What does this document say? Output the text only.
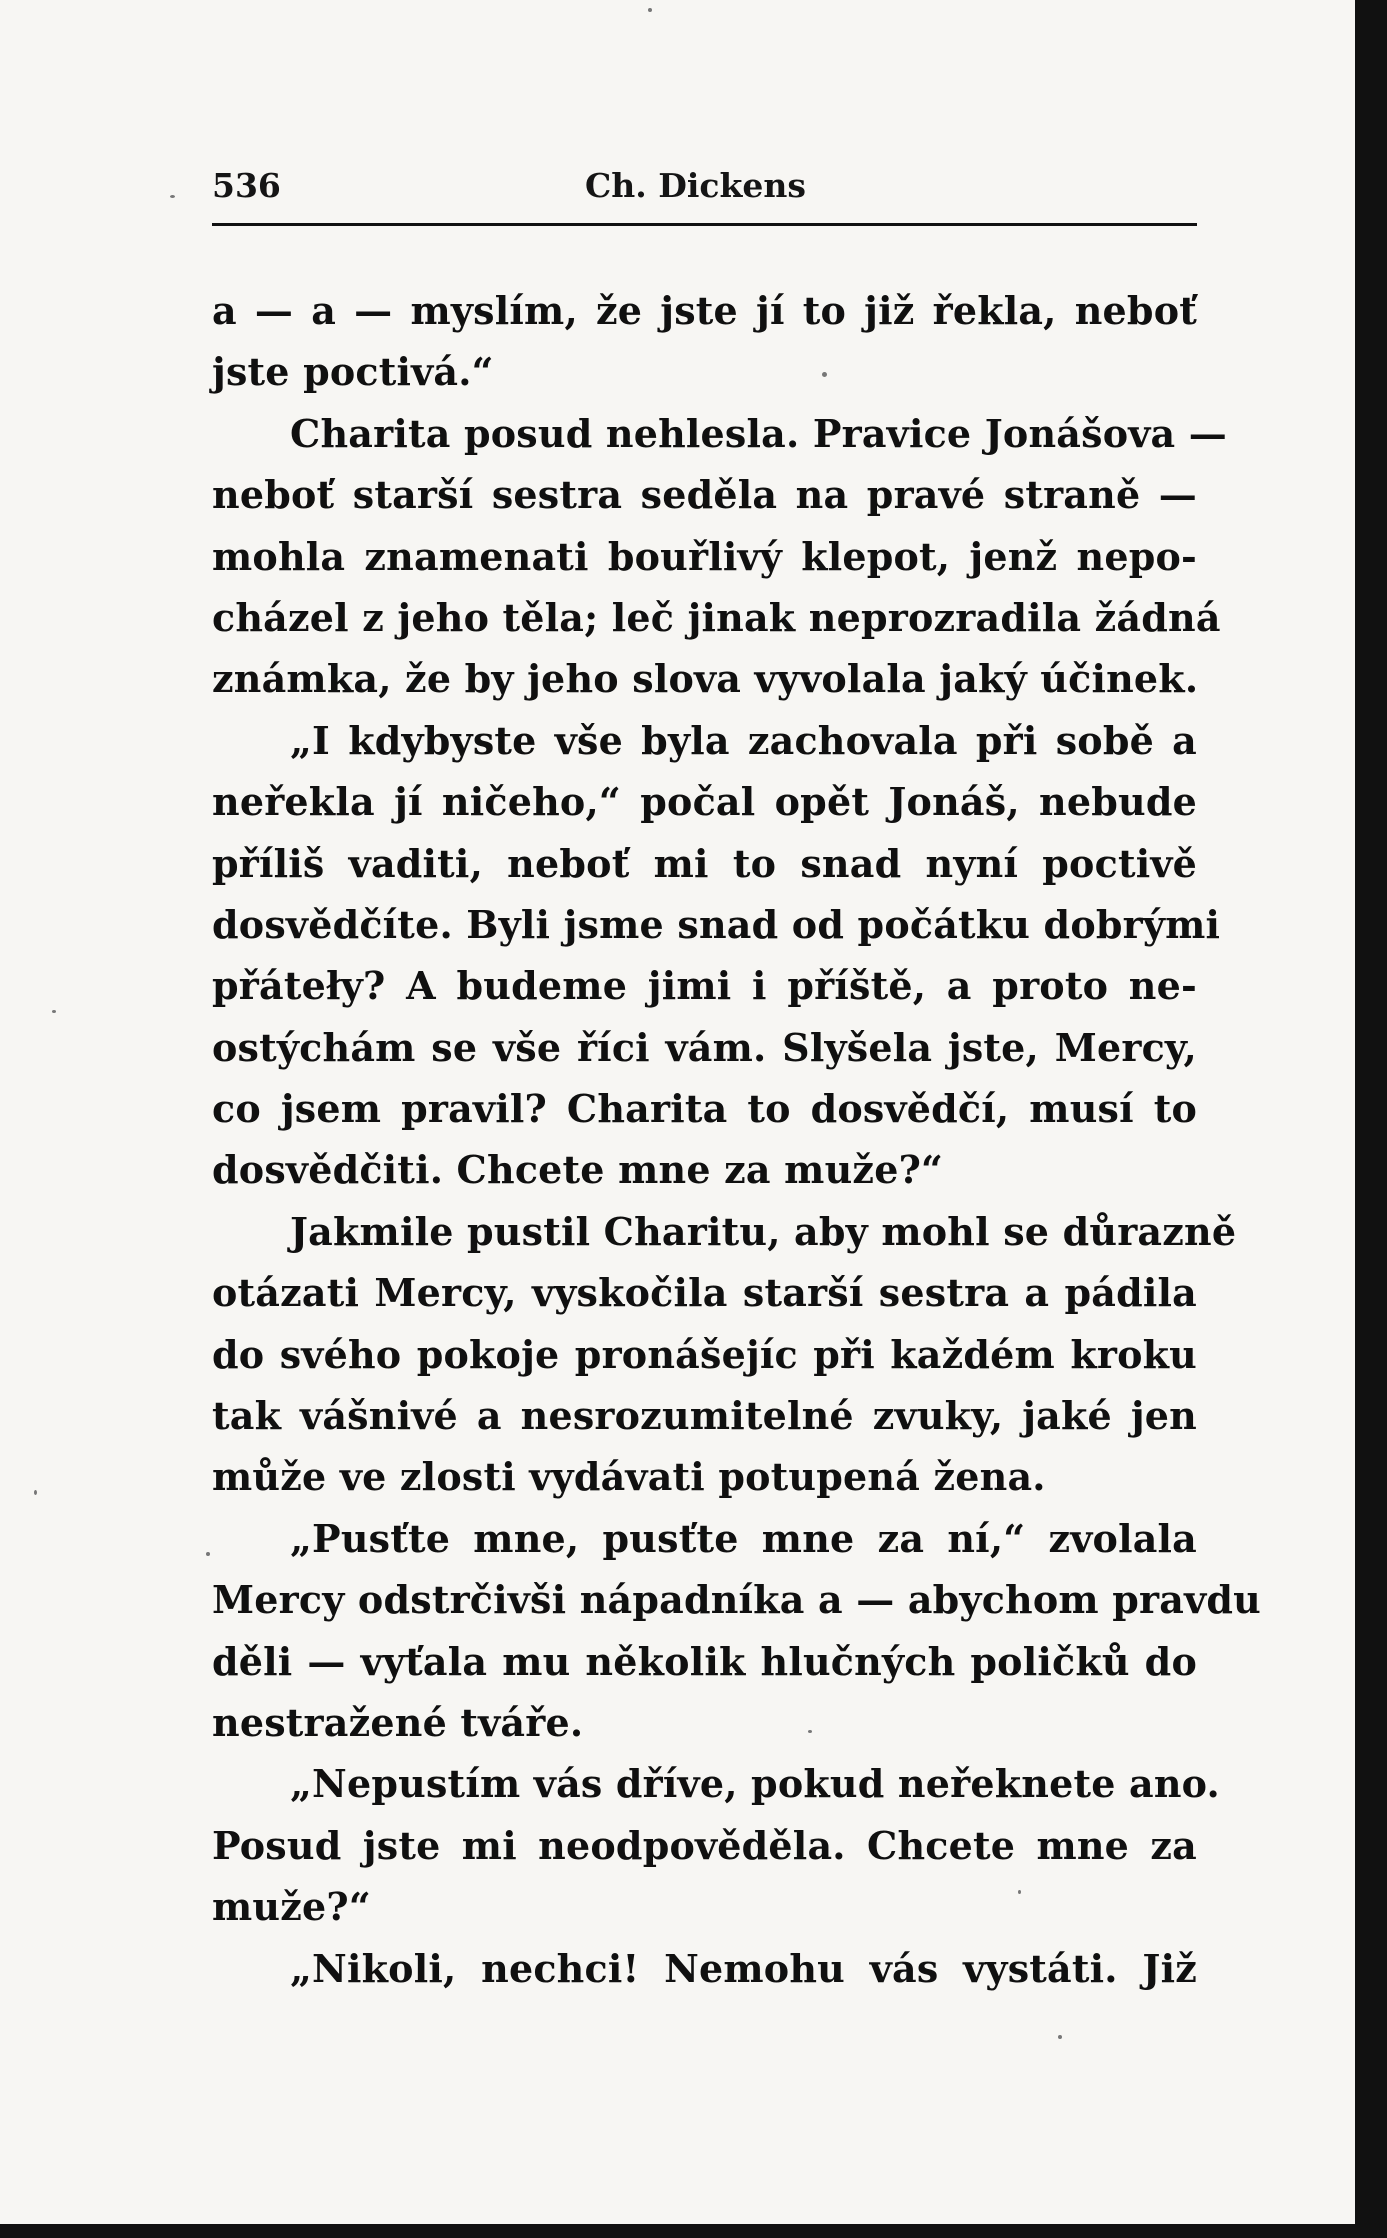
536	Ch. Dickens
a — a — myslím, že jste jí to již řekla, neboť
jste poctivá.“
Charita posud nehlesla. Pravice Jonášova —
neboť starší sestra seděla na pravé straně —
mohla znamenati bouřlivý klepot, jenž nepo-
cházel z jeho těla; leč jinak neprozradila žádná
známka, že by jeho slova vyvolala jaký účinek.
„I kdybyste vše byla zachovala při sobě a
neřekla jí ničeho,“ počal opět Jonáš, nebude
příliš vaditi, neboť mi to snad nyní poctivě
dosvědčíte. Byli jsme snad od počátku dobrými
přáteły? A budeme jimi i příště, a proto ne-
ostýchám se vše říci vám. Slyšela jste, Mercy,
co jsem pravil? Charita to dosvědčí, musí to
dosvědčiti. Chcete mne za muže?“
Jakmile pustil Charitu, aby mohl se důrazně
otázati Mercy, vyskočila starší sestra a pádila
do svého pokoje pronášejíc při každém kroku
tak vášnivé a nesrozumitelné zvuky, jaké jen
může ve zlosti vydávati potupená žena.
„Pusťte mne, pusťte mne za ní,“ zvolala
Mercy odstrčivši nápadníka a — abychom pravdu
děli — vyťala mu několik hlučných poličků do
nestražené tváře.
„Nepustím vás dříve, pokud neřeknete ano.
Posud jste mi neodpověděla. Chcete mne za
muže?“
„Nikoli, nechci! Nemohu vás vystáti. Již
